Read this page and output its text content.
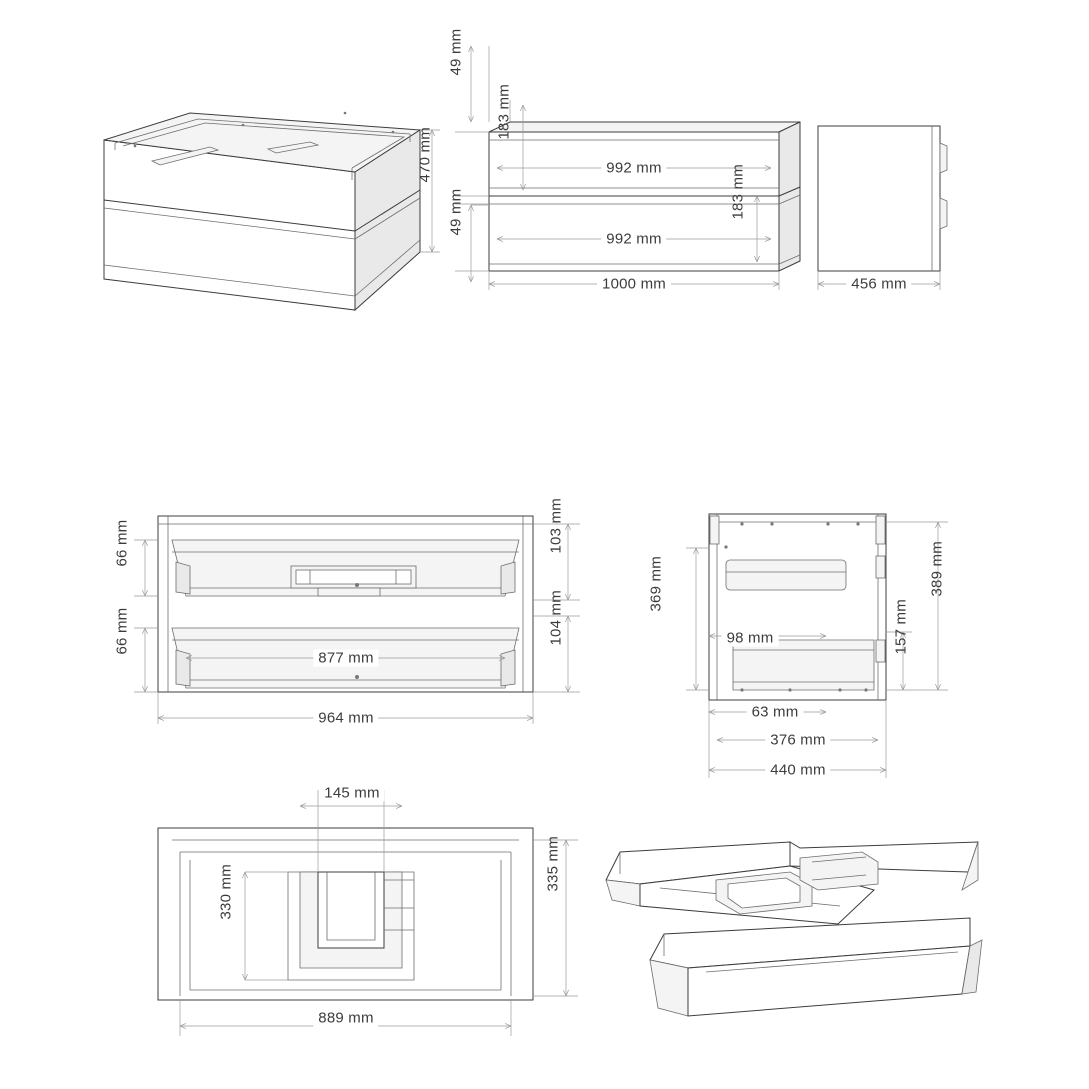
470 mm
49 mm
183 mm
992 mm
992 mm
183 mm
49 mm
1000 mm	456 mm
66 mm
66 mm
103 mm
104 mm
877 mm
964 mm
369 mm	389 mm
157 mm
98 mm
63 mm
376 mm
440 mm
145 mm
330 mm
335 mm
889 mm
